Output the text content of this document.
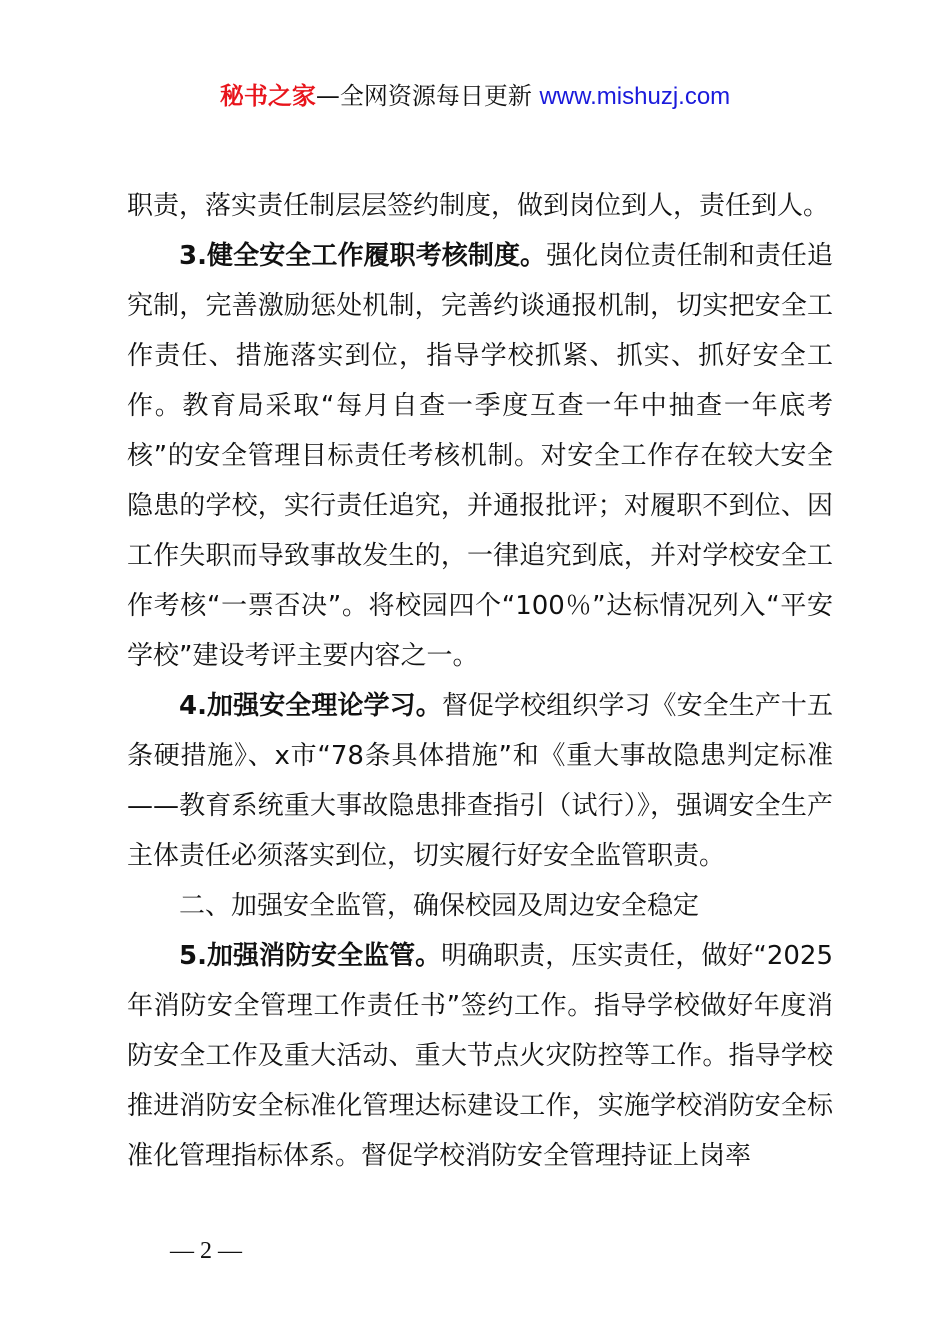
秘书之家—全网资源每日更新 www.mishuzj.com

职责，落实责任制层层签约制度，做到岗位到人，责任到人。

3.健全安全工作履职考核制度。强化岗位责任制和责任追究制，完善激励惩处机制，完善约谈通报机制，切实把安全工作责任、措施落实到位，指导学校抓紧、抓实、抓好安全工作。教育局采取“每月自查一季度互查一年中抽查一年底考核”的安全管理目标责任考核机制。对安全工作存在较大安全隐患的学校，实行责任追究，并通报批评；对履职不到位、因工作失职而导致事故发生的，一律追究到底，并对学校安全工作考核“一票否决”。将校园四个“100％”达标情况列入“平安学校”建设考评主要内容之一。

4.加强安全理论学习。督促学校组织学习《安全生产十五条硬措施》、x市“78条具体措施”和《重大事故隐患判定标准——教育系统重大事故隐患排查指引（试行）》，强调安全生产主体责任必须落实到位，切实履行好安全监管职责。

二、加强安全监管，确保校园及周边安全稳定

5.加强消防安全监管。明确职责，压实责任，做好“2025年消防安全管理工作责任书”签约工作。指导学校做好年度消防安全工作及重大活动、重大节点火灾防控等工作。指导学校推进消防安全标准化管理达标建设工作，实施学校消防安全标准化管理指标体系。督促学校消防安全管理持证上岗率

— 2 —
